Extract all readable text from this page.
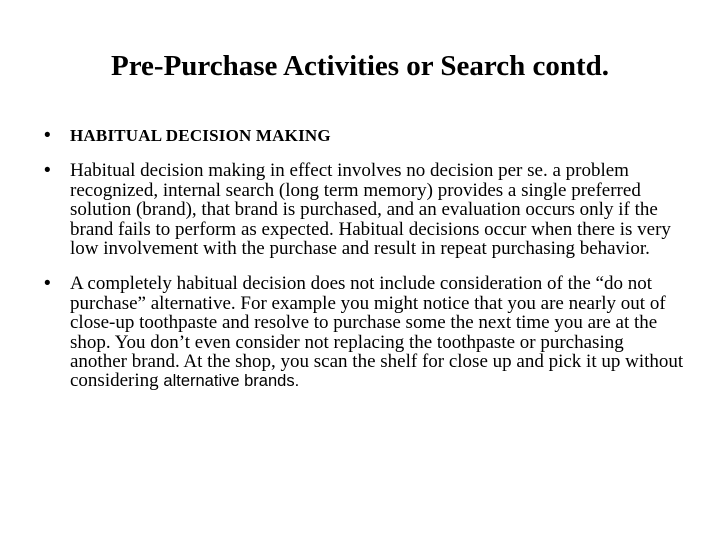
Pre-Purchase Activities or Search contd.
• HABITUAL DECISION MAKING
• Habitual decision making in effect involves no decision per se. a problem recognized, internal search (long term memory) provides a single preferred solution (brand), that brand is purchased, and an evaluation occurs only if the brand fails to perform as expected. Habitual decisions occur when there is very low involvement with the purchase and result in repeat purchasing behavior.
• A completely habitual decision does not include consideration of the “do not purchase” alternative. For example you might notice that you are nearly out of close-up toothpaste and resolve to purchase some the next time you are at the shop. You don’t even consider not replacing the toothpaste or purchasing another brand. At the shop, you scan the shelf for close up and pick it up without considering alternative brands.
